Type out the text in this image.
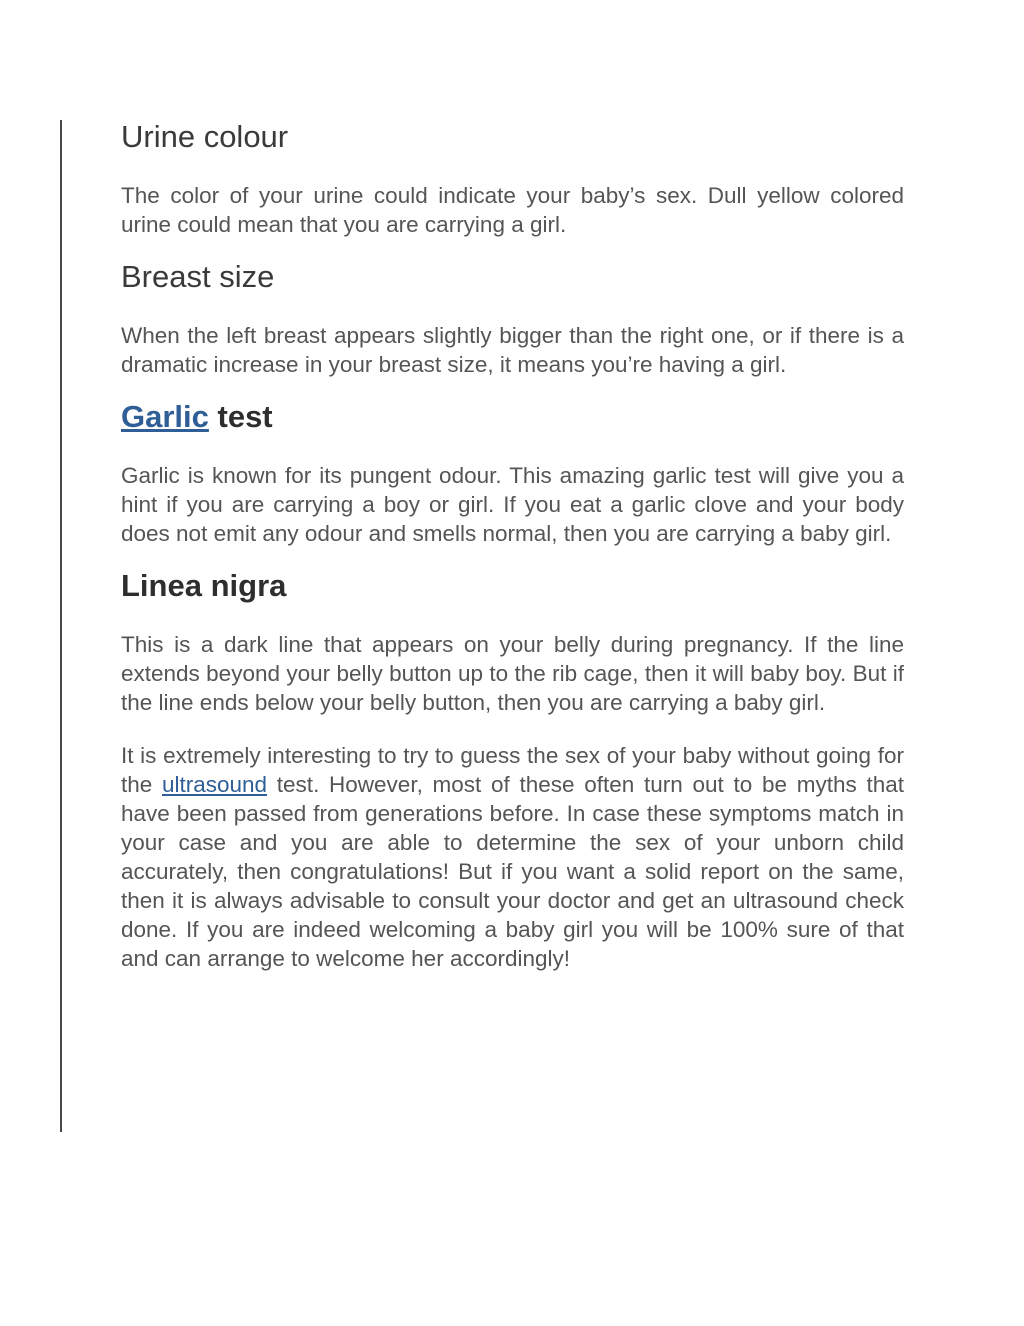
Urine colour

The color of your urine could indicate your baby’s sex. Dull yellow colored urine could mean that you are carrying a girl.

Breast size

When the left breast appears slightly bigger than the right one, or if there is a dramatic increase in your breast size, it means you’re having a girl.

Garlic test

Garlic is known for its pungent odour. This amazing garlic test will give you a hint if you are carrying a boy or girl. If you eat a garlic clove and your body does not emit any odour and smells normal, then you are carrying a baby girl.

Linea nigra

This is a dark line that appears on your belly during pregnancy. If the line extends beyond your belly button up to the rib cage, then it will baby boy. But if the line ends below your belly button, then you are carrying a baby girl.

It is extremely interesting to try to guess the sex of your baby without going for the ultrasound test. However, most of these often turn out to be myths that have been passed from generations before. In case these symptoms match in your case and you are able to determine the sex of your unborn child accurately, then congratulations! But if you want a solid report on the same, then it is always advisable to consult your doctor and get an ultrasound check done. If you are indeed welcoming a baby girl you will be 100% sure of that and can arrange to welcome her accordingly!
